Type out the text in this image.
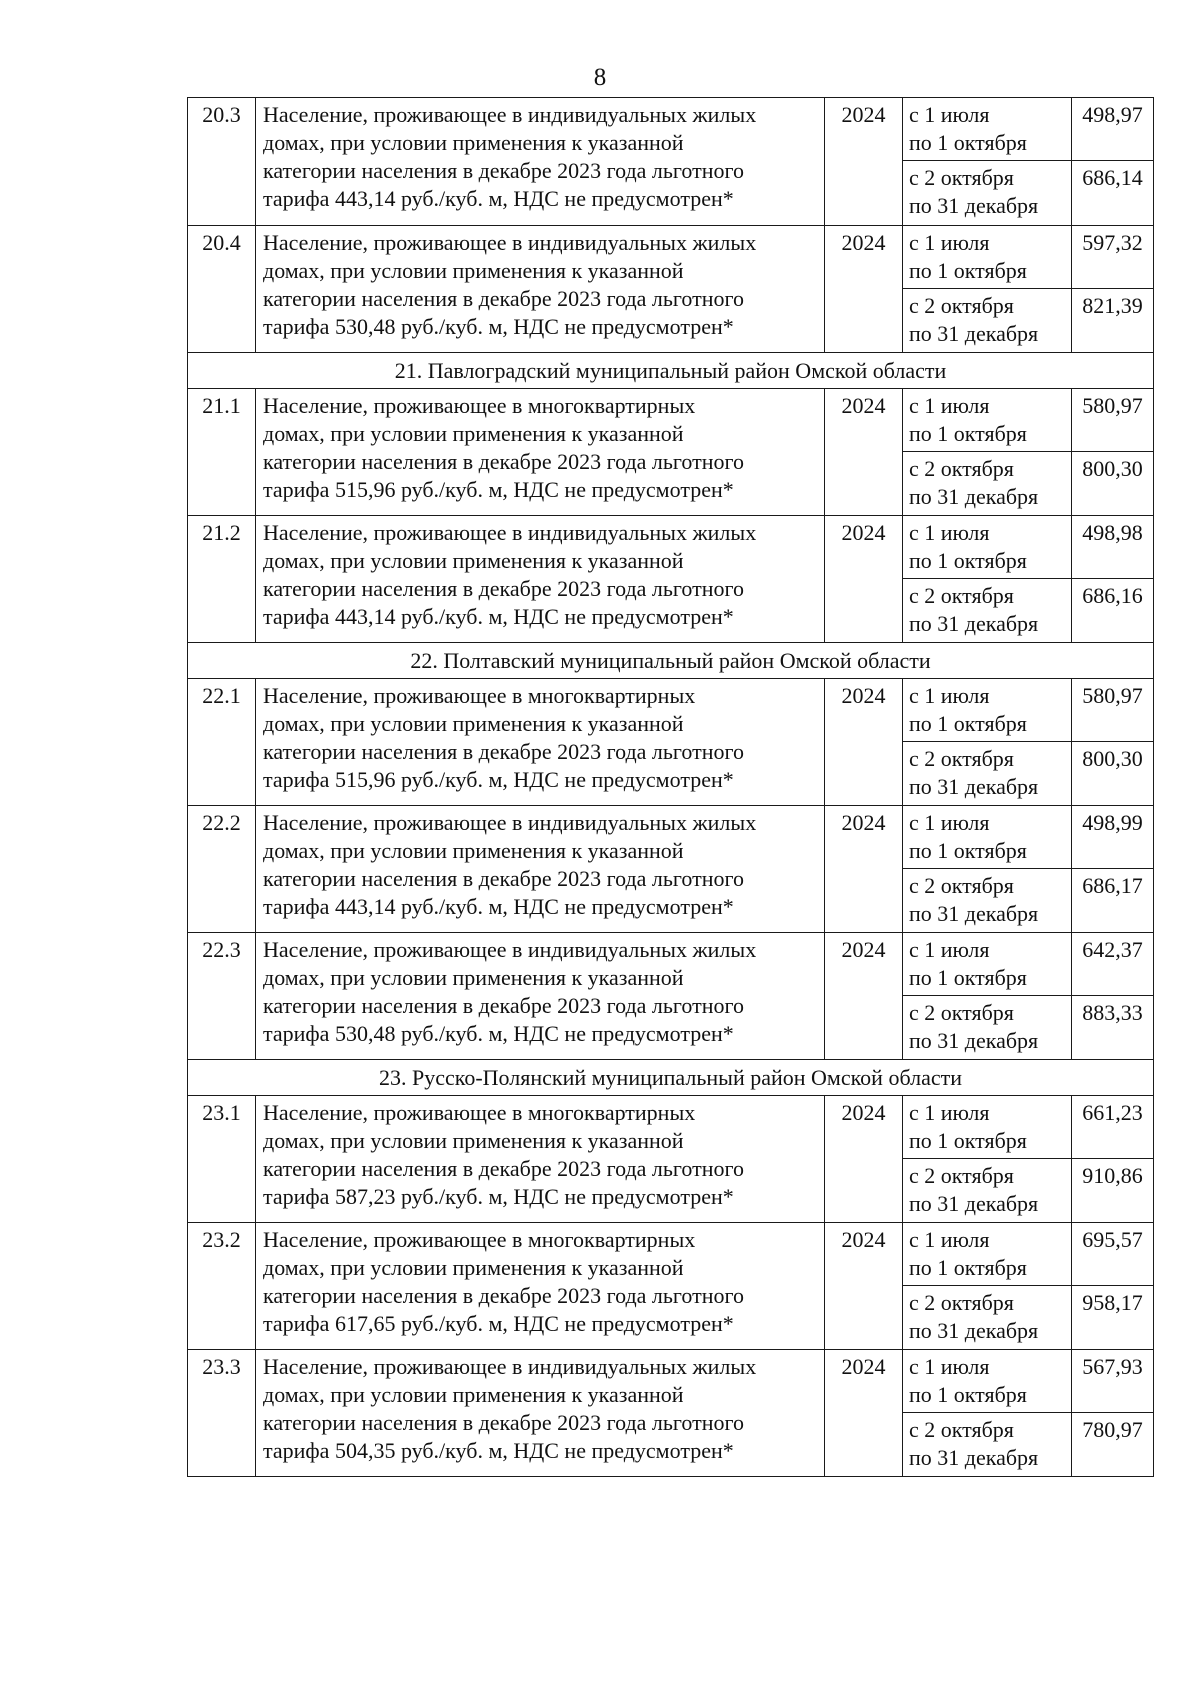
8
20.3	Население, проживающее в индивидуальных жилых
домах, при условии применения к указанной
категории населения в декабре 2023 года льготного
тарифа 443,14 руб./куб. м, НДС не предусмотрен*	2024	с 1 июля
по 1 октября	498,97

			с 2 октября
по 31 декабря	686,14
20.4	Население, проживающее в индивидуальных жилых
домах, при условии применения к указанной
категории населения в декабре 2023 года льготного
тарифа 530,48 руб./куб. м, НДС не предусмотрен*	2024	с 1 июля
по 1 октября	597,32

			с 2 октября
по 31 декабря	821,39
21. Павлоградский муниципальный район Омской области				
21.1	Население, проживающее в многоквартирных
домах, при условии применения к указанной
категории населения в декабре 2023 года льготного
тарифа 515,96 руб./куб. м, НДС не предусмотрен*	2024	с 1 июля
по 1 октября	580,97

			с 2 октября
по 31 декабря	800,30
21.2	Население, проживающее в индивидуальных жилых
домах, при условии применения к указанной
категории населения в декабре 2023 года льготного
тарифа 443,14 руб./куб. м, НДС не предусмотрен*	2024	с 1 июля
по 1 октября	498,98

			с 2 октября
по 31 декабря	686,16
22. Полтавский муниципальный район Омской области				
22.1	Население, проживающее в многоквартирных
домах, при условии применения к указанной
категории населения в декабре 2023 года льготного
тарифа 515,96 руб./куб. м, НДС не предусмотрен*	2024	с 1 июля
по 1 октября	580,97

			с 2 октября
по 31 декабря	800,30
22.2	Население, проживающее в индивидуальных жилых
домах, при условии применения к указанной
категории населения в декабре 2023 года льготного
тарифа 443,14 руб./куб. м, НДС не предусмотрен*	2024	с 1 июля
по 1 октября	498,99

			с 2 октября
по 31 декабря	686,17
22.3	Население, проживающее в индивидуальных жилых
домах, при условии применения к указанной
категории населения в декабре 2023 года льготного
тарифа 530,48 руб./куб. м, НДС не предусмотрен*	2024	с 1 июля
по 1 октября	642,37

			с 2 октября
по 31 декабря	883,33
23. Русско-Полянский муниципальный район Омской области				
23.1	Население, проживающее в многоквартирных
домах, при условии применения к указанной
категории населения в декабре 2023 года льготного
тарифа 587,23 руб./куб. м, НДС не предусмотрен*	2024	с 1 июля
по 1 октября	661,23

			с 2 октября
по 31 декабря	910,86
23.2	Население, проживающее в многоквартирных
домах, при условии применения к указанной
категории населения в декабре 2023 года льготного
тарифа 617,65 руб./куб. м, НДС не предусмотрен*	2024	с 1 июля
по 1 октября	695,57

			с 2 октября
по 31 декабря	958,17
23.3	Население, проживающее в индивидуальных жилых
домах, при условии применения к указанной
категории населения в декабре 2023 года льготного
тарифа 504,35 руб./куб. м, НДС не предусмотрен*	2024	с 1 июля
по 1 октября	567,93

			с 2 октября
по 31 декабря	780,97
